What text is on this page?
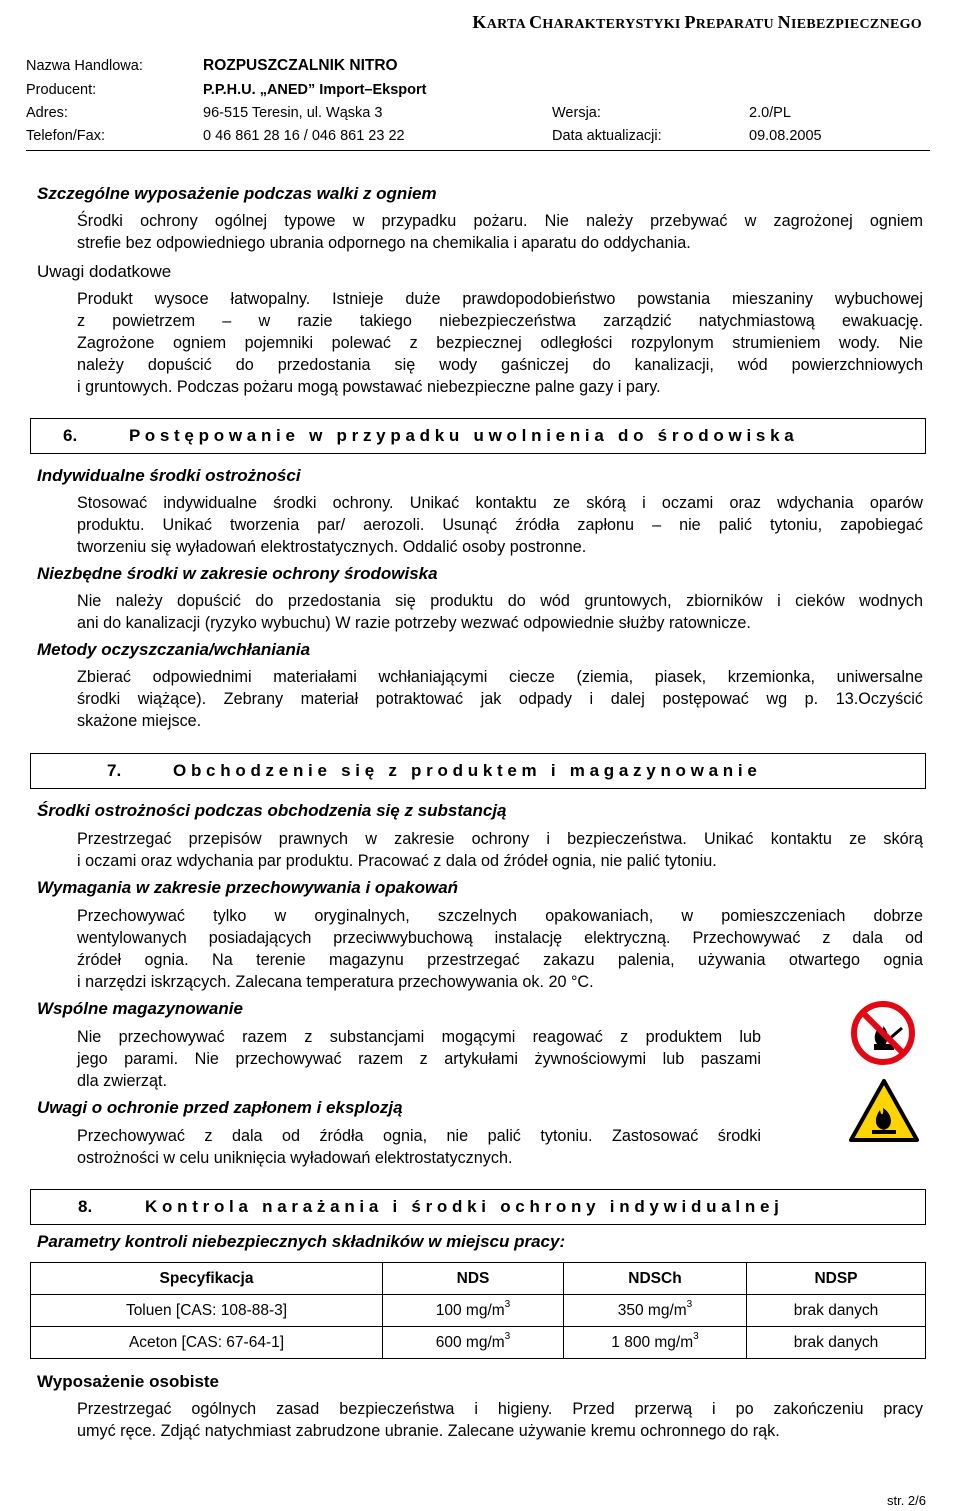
KARTA CHARAKTERYSTYKI PREPARATU NIEBEZPIECZNEGO
Nazwa Handlowa:	ROZPUSZCZALNIK NITRO
Producent:	P.P.H.U. „ANED” Import–Eksport
Adres:	96-515 Teresin, ul. Wąska 3	Wersja:	2.0/PL
Telefon/Fax:	0 46 861 28 16 / 046 861 23 22	Data aktualizacji:	09.08.2005
Szczególne wyposażenie podczas walki z ogniem
Środki ochrony ogólnej typowe w przypadku pożaru. Nie należy przebywać w zagrożonej ogniem
strefie bez odpowiedniego ubrania odpornego na chemikalia i aparatu do oddychania.
Uwagi dodatkowe
Produkt wysoce łatwopalny. Istnieje duże prawdopodobieństwo powstania mieszaniny wybuchowej
z powietrzem – w razie takiego niebezpieczeństwa zarządzić natychmiastową ewakuację.
Zagrożone ogniem pojemniki polewać z bezpiecznej odległości rozpylonym strumieniem wody. Nie
należy dopuścić do przedostania się wody gaśniczej do kanalizacji, wód powierzchniowych
i gruntowych. Podczas pożaru mogą powstawać niebezpieczne palne gazy i pary.
6.	P o s t ę p o w a n i e   w   p r z y p a d k u   u w o l n i e n i a   d o   ś r o d o w i s k a
Indywidualne środki ostrożności
Stosować indywidualne środki ochrony. Unikać kontaktu ze skórą i oczami oraz wdychania oparów
produktu. Unikać tworzenia par/ aerozoli. Usunąć źródła zapłonu – nie palić tytoniu, zapobiegać
tworzeniu się wyładowań elektrostatycznych. Oddalić osoby postronne.
Niezbędne środki w zakresie ochrony środowiska
Nie należy dopuścić do przedostania się produktu do wód gruntowych, zbiorników i cieków wodnych
ani do kanalizacji (ryzyko wybuchu) W razie potrzeby wezwać odpowiednie służby ratownicze.
Metody oczyszczania/wchłaniania
Zbierać odpowiednimi materiałami wchłaniającymi ciecze (ziemia, piasek, krzemionka, uniwersalne
środki wiążące). Zebrany materiał potraktować jak odpady i dalej postępować wg p. 13.Oczyścić
skażone miejsce.
7.	O b c h o d z e n i e   s i ę   z   p r o d u k t e m   i   m a g a z y n o w a n i e
Środki ostrożności podczas obchodzenia się z substancją
Przestrzegać przepisów prawnych w zakresie ochrony i bezpieczeństwa. Unikać kontaktu ze skórą
i oczami oraz wdychania par produktu. Pracować z dala od źródeł ognia, nie palić tytoniu.
Wymagania w zakresie przechowywania i opakowań
Przechowywać tylko w oryginalnych, szczelnych opakowaniach, w pomieszczeniach dobrze
wentylowanych posiadających przeciwwybuchową instalację elektryczną. Przechowywać z dala od
źródeł ognia. Na terenie magazynu przestrzegać zakazu palenia, używania otwartego ognia
i narzędzi iskrzących. Zalecana temperatura przechowywania ok. 20 °C.
Wspólne magazynowanie
Nie przechowywać razem z substancjami mogącymi reagować z produktem lub
jego parami. Nie przechowywać razem z artykułami żywnościowymi lub paszami
dla zwierząt.
Uwagi o ochronie przed zapłonem i eksplozją
Przechowywać z dala od źródła ognia, nie palić tytoniu. Zastosować środki
ostrożności w celu uniknięcia wyładowań elektrostatycznych.
8.	K o n t r o l a   n a r a ż a n i a   i   ś r o d k i   o c h r o n y   i n d y w i d u a l n e j
Parametry kontroli niebezpiecznych składników w miejscu pracy:
Specyfikacja	NDS	NDSCh	NDSP
Toluen [CAS: 108-88-3]	100 $mg/m^3$	350 $mg/m^3$	brak danych
Aceton [CAS: 67-64-1]	600 $mg/m^3$	1 800 $mg/m^3$	brak danych
Wyposażenie osobiste
Przestrzegać ogólnych zasad bezpieczeństwa i higieny. Przed przerwą i po zakończeniu pracy
umyć ręce. Zdjąć natychmiast zabrudzone ubranie. Zalecane używanie kremu ochronnego do rąk.
str. 2/6
